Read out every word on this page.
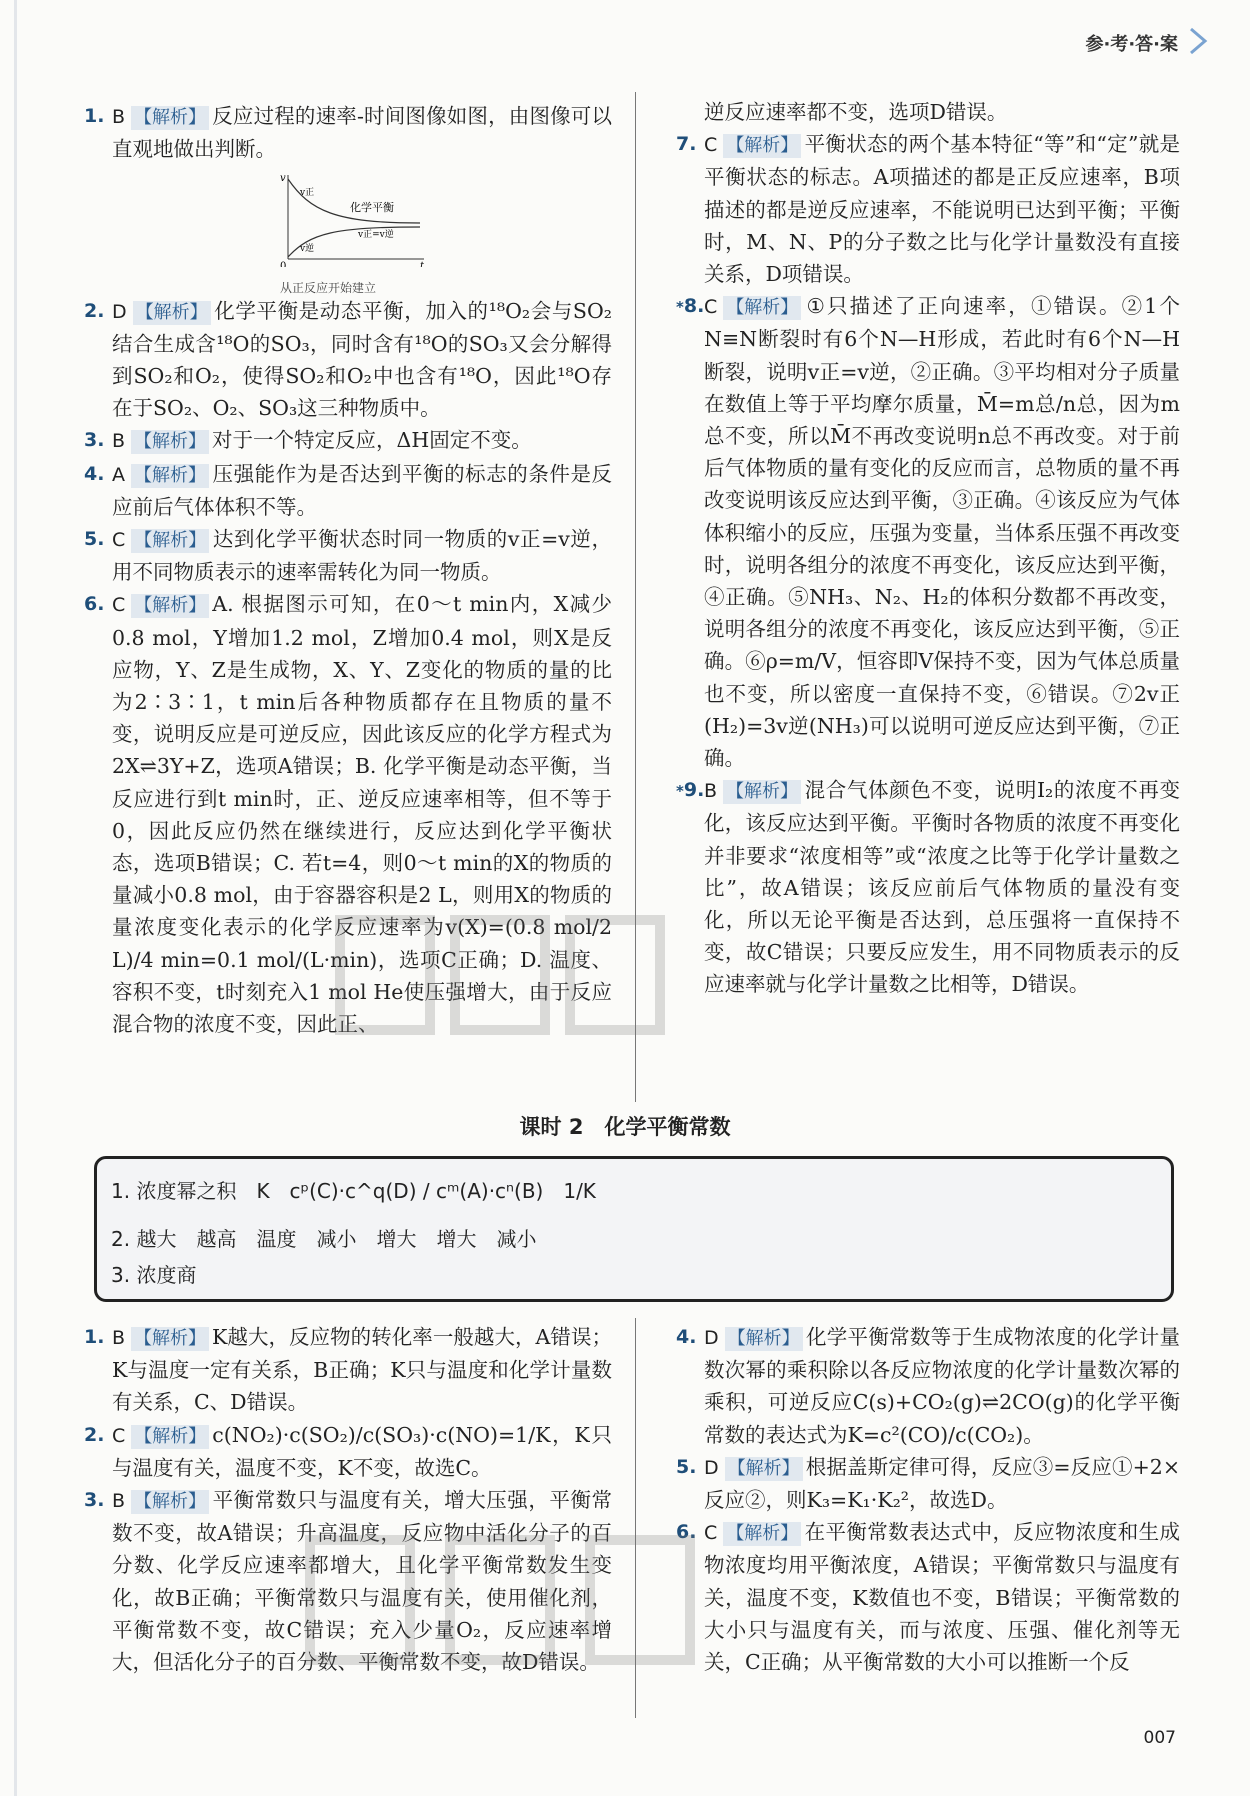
参·考·答·案

1. B 【解析】 反应过程的速率-时间图像如图，由图像可以直观地做出判断。

v
t
0
v正
v逆
化学平衡
v正=v逆
从正反应开始建立

2. D 【解析】 化学平衡是动态平衡，加入的¹⁸O₂会与SO₂结合生成含¹⁸O的SO₃，同时含有¹⁸O的SO₃又会分解得到SO₂和O₂，使得SO₂和O₂中也含有¹⁸O，因此¹⁸O存在于SO₂、O₂、SO₃这三种物质中。

3. B 【解析】 对于一个特定反应，ΔH固定不变。

4. A 【解析】 压强能作为是否达到平衡的标志的条件是反应前后气体体积不等。

5. C 【解析】 达到化学平衡状态时同一物质的v正=v逆，用不同物质表示的速率需转化为同一物质。

6. C 【解析】 A. 根据图示可知，在0～t min内，X减少0.8 mol，Y增加1.2 mol，Z增加0.4 mol，则X是反应物，Y、Z是生成物，X、Y、Z变化的物质的量的比为2∶3∶1，t min后各种物质都存在且物质的量不变，说明反应是可逆反应，因此该反应的化学方程式为2X⇌3Y+Z，选项A错误；B. 化学平衡是动态平衡，当反应进行到t min时，正、逆反应速率相等，但不等于0，因此反应仍然在继续进行，反应达到化学平衡状态，选项B错误；C. 若t=4，则0～t min的X的物质的量减小0.8 mol，由于容器容积是2 L，则用X的物质的量浓度变化表示的化学反应速率为v(X)=(0.8 mol/2 L)/4 min=0.1 mol/(L·min)，选项C正确；D. 温度、容积不变，t时刻充入1 mol He使压强增大，由于反应混合物的浓度不变，因此正、

逆反应速率都不变，选项D错误。

7. C 【解析】 平衡状态的两个基本特征“等”和“定”就是平衡状态的标志。A项描述的都是正反应速率，B项描述的都是逆反应速率，不能说明已达到平衡；平衡时，M、N、P的分子数之比与化学计量数没有直接关系，D项错误。

*8. C 【解析】 ①只描述了正向速率，①错误。②1个N≡N断裂时有6个N—H形成，若此时有6个N—H断裂，说明v正=v逆，②正确。③平均相对分子质量在数值上等于平均摩尔质量，M̄=m总/n总，因为m总不变，所以M̄不再改变说明n总不再改变。对于前后气体物质的量有变化的反应而言，总物质的量不再改变说明该反应达到平衡，③正确。④该反应为气体体积缩小的反应，压强为变量，当体系压强不再改变时，说明各组分的浓度不再变化，该反应达到平衡，④正确。⑤NH₃、N₂、H₂的体积分数都不再改变，说明各组分的浓度不再变化，该反应达到平衡，⑤正确。⑥ρ=m/V，恒容即V保持不变，因为气体总质量也不变，所以密度一直保持不变，⑥错误。⑦2v正(H₂)=3v逆(NH₃)可以说明可逆反应达到平衡，⑦正确。

*9. B 【解析】 混合气体颜色不变，说明I₂的浓度不再变化，该反应达到平衡。平衡时各物质的浓度不再变化并非要求“浓度相等”或“浓度之比等于化学计量数之比”，故A错误；该反应前后气体物质的量没有变化，所以无论平衡是否达到，总压强将一直保持不变，故C错误；只要反应发生，用不同物质表示的反应速率就与化学计量数之比相等，D错误。

课时 2　化学平衡常数
1. 浓度幂之积　K　cᵖ(C)·c^q(D) / cᵐ(A)·cⁿ(B)　1/K
2. 越大　越高　温度　减小　增大　增大　减小
3. 浓度商

1. B 【解析】 K越大，反应物的转化率一般越大，A错误；K与温度一定有关系，B正确；K只与温度和化学计量数有关系，C、D错误。

2. C 【解析】 c(NO₂)·c(SO₂)/c(SO₃)·c(NO)=1/K，K只与温度有关，温度不变，K不变，故选C。

3. B 【解析】 平衡常数只与温度有关，增大压强，平衡常数不变，故A错误；升高温度，反应物中活化分子的百分数、化学反应速率都增大，且化学平衡常数发生变化，故B正确；平衡常数只与温度有关，使用催化剂，平衡常数不变，故C错误；充入少量O₂，反应速率增大，但活化分子的百分数、平衡常数不变，故D错误。

4. D 【解析】 化学平衡常数等于生成物浓度的化学计量数次幂的乘积除以各反应物浓度的化学计量数次幂的乘积，可逆反应C(s)+CO₂(g)⇌2CO(g)的化学平衡常数的表达式为K=c²(CO)/c(CO₂)。

5. D 【解析】 根据盖斯定律可得，反应③=反应①+2×反应②，则K₃=K₁·K₂²，故选D。

6. C 【解析】 在平衡常数表达式中，反应物浓度和生成物浓度均用平衡浓度，A错误；平衡常数只与温度有关，温度不变，K数值也不变，B错误；平衡常数的大小只与温度有关，而与浓度、压强、催化剂等无关，C正确；从平衡常数的大小可以推断一个反

007
